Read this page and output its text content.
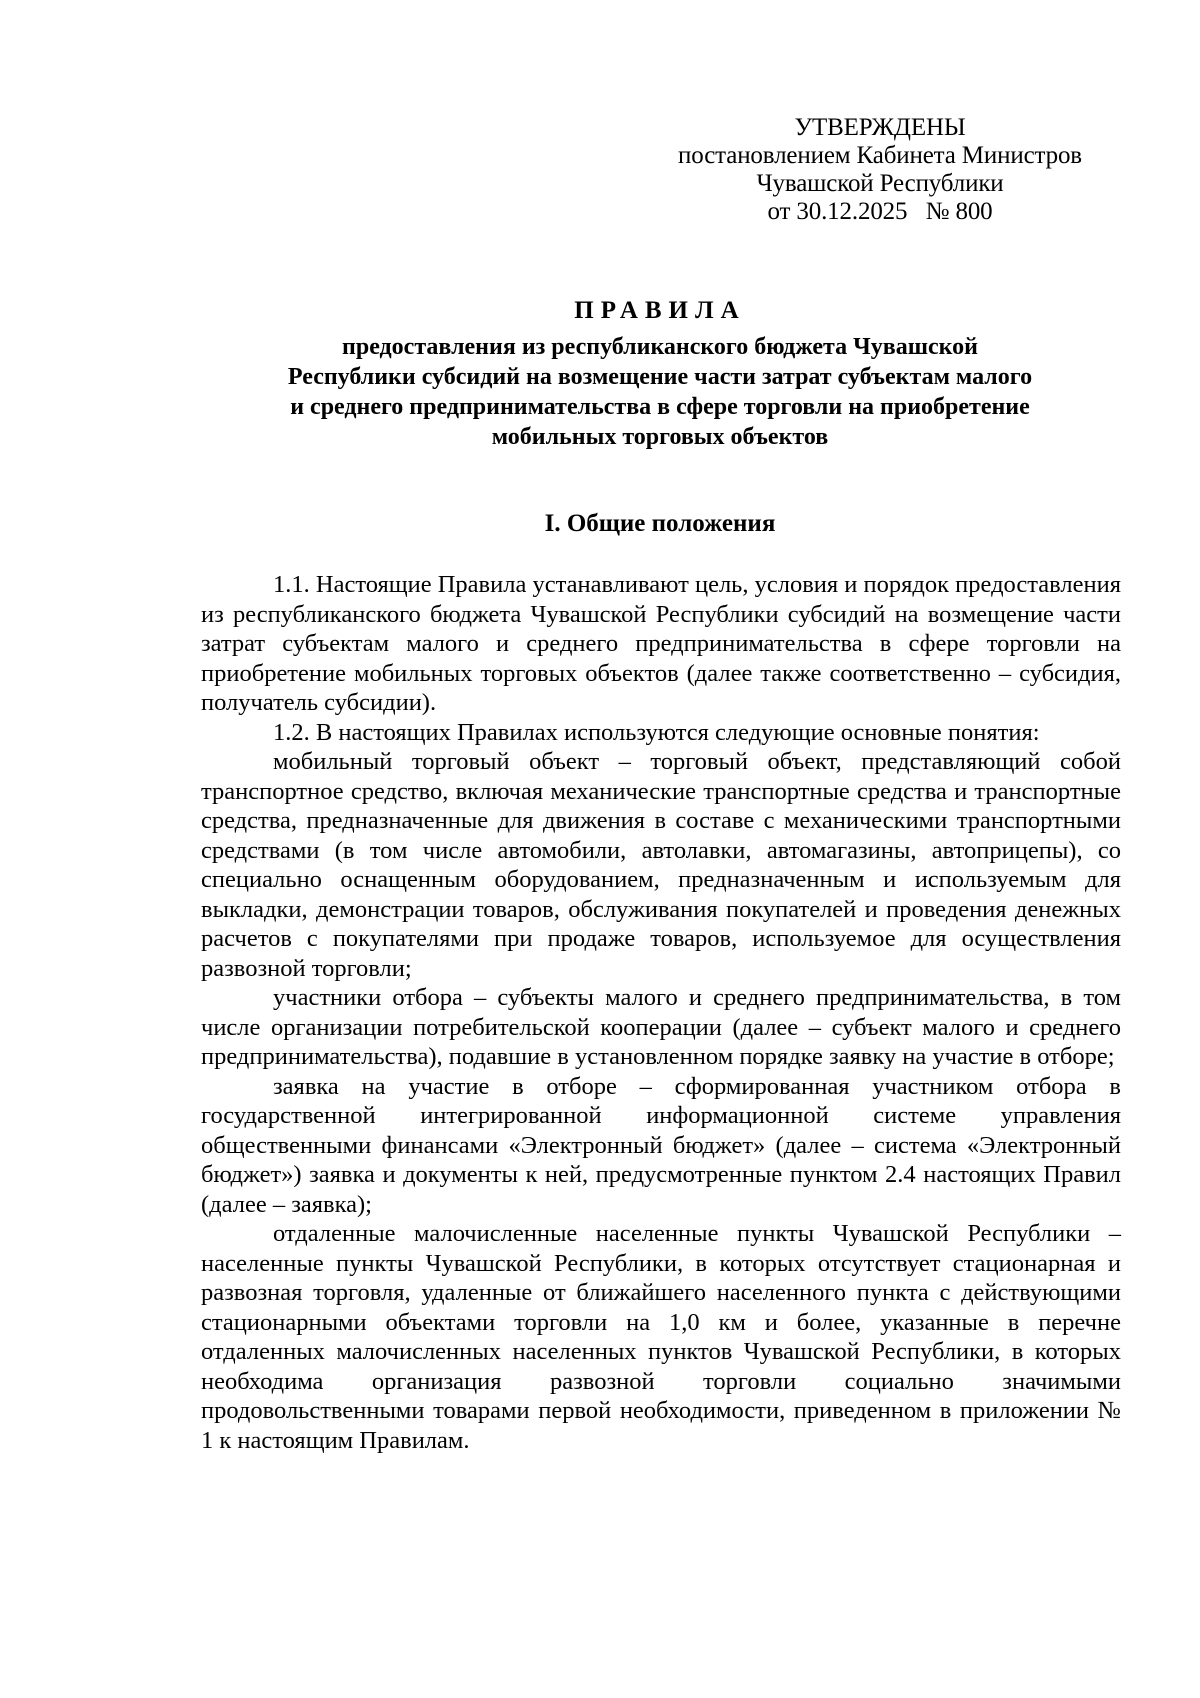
УТВЕРЖДЕНЫ
постановлением Кабинета Министров
Чувашской Республики
от 30.12.2025   № 800
ПРАВИЛА
предоставления из республиканского бюджета Чувашской
Республики субсидий на возмещение части затрат субъектам малого
и среднего предпринимательства в сфере торговли на приобретение
мобильных торговых объектов
I. Общие положения

1.1. Настоящие Правила устанавливают цель, условия и порядок предоставления из республиканского бюджета Чувашской Республики субсидий на возмещение части затрат субъектам малого и среднего предпринимательства в сфере торговли на приобретение мобильных торговых объектов (далее также соответственно – субсидия, получатель субсидии).

1.2. В настоящих Правилах используются следующие основные понятия:

мобильный торговый объект – торговый объект, представляющий собой транспортное средство, включая механические транспортные средства и транспортные средства, предназначенные для движения в составе с механическими транспортными средствами (в том числе автомобили, автолавки, автомагазины, автоприцепы), со специально оснащенным оборудованием, предназначенным и используемым для выкладки, демонстрации товаров, обслуживания покупателей и проведения денежных расчетов с покупателями при продаже товаров, используемое для осуществления развозной торговли;

участники отбора – субъекты малого и среднего предпринимательства, в том числе организации потребительской кооперации (далее – субъект малого и среднего предпринимательства), подавшие в установленном порядке заявку на участие в отборе;

заявка на участие в отборе – сформированная участником отбора в государственной интегрированной информационной системе управления общественными финансами «Электронный бюджет» (далее – система «Электронный бюджет») заявка и документы к ней, предусмотренные пунктом 2.4 настоящих Правил (далее – заявка);

отдаленные малочисленные населенные пункты Чувашской Республики – населенные пункты Чувашской Республики, в которых отсутствует стационарная и развозная торговля, удаленные от ближайшего населенного пункта с действующими стационарными объектами торговли на 1,0 км и более, указанные в перечне отдаленных малочисленных населенных пунктов Чувашской Республики, в которых необходима организация развозной торговли социально значимыми продовольственными товарами первой необходимости, приведенном в приложении № 1 к настоящим Правилам.
